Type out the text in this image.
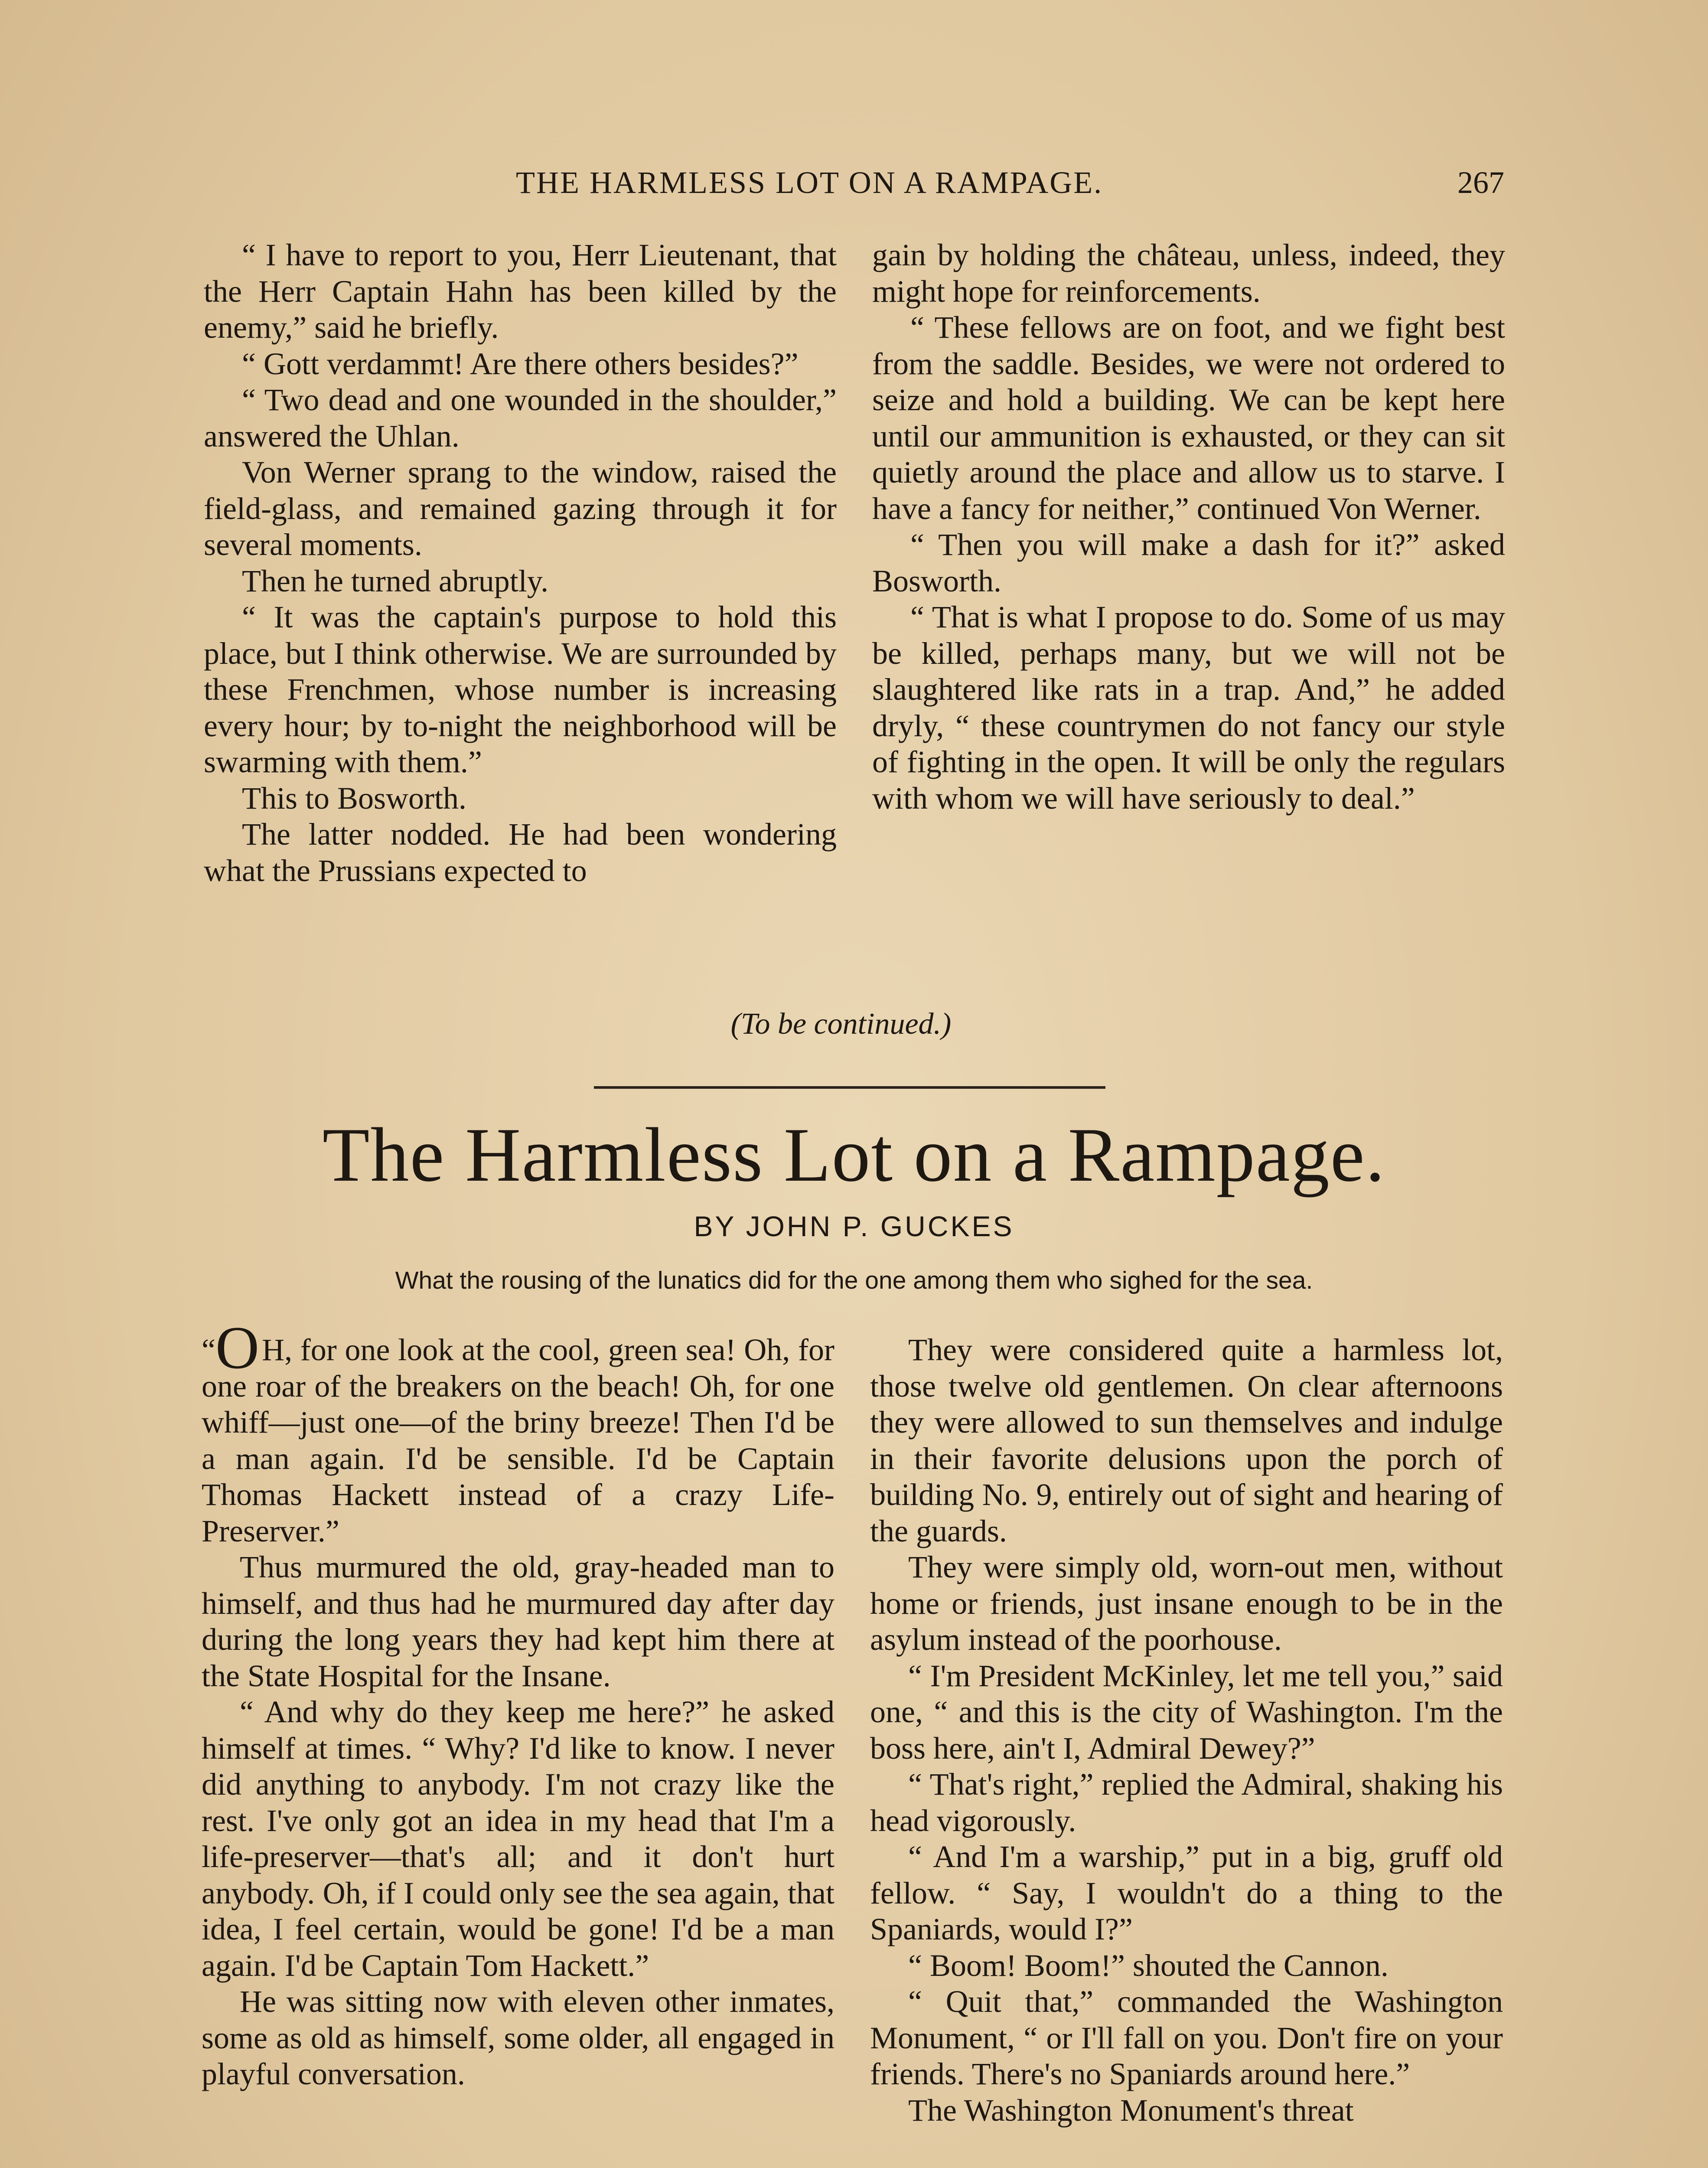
THE HARMLESS LOT ON A RAMPAGE.	267

“ I have to report to you, Herr Lieutenant, that the Herr Captain Hahn has been killed by the enemy,” said he briefly.

“ Gott verdammt! Are there others besides?”

“ Two dead and one wounded in the shoulder,” answered the Uhlan.

Von Werner sprang to the window, raised the field-glass, and remained gazing through it for several moments.

Then he turned abruptly.

“ It was the captain's purpose to hold this place, but I think otherwise. We are surrounded by these Frenchmen, whose number is increasing every hour; by to-night the neighborhood will be swarming with them.”

This to Bosworth.

The latter nodded. He had been wondering what the Prussians expected to

gain by holding the château, unless, indeed, they might hope for reinforcements.

“ These fellows are on foot, and we fight best from the saddle. Besides, we were not ordered to seize and hold a building. We can be kept here until our ammunition is exhausted, or they can sit quietly around the place and allow us to starve. I have a fancy for neither,” continued Von Werner.

“ Then you will make a dash for it?” asked Bosworth.

“ That is what I propose to do. Some of us may be killed, perhaps many, but we will not be slaughtered like rats in a trap. And,” he added dryly, “ these countrymen do not fancy our style of fighting in the open. It will be only the regulars with whom we will have seriously to deal.”

(To be continued.)
The Harmless Lot on a Rampage.
BY JOHN P. GUCKES
What the rousing of the lunatics did for the one among them who sighed for the sea.

“OH, for one look at the cool, green sea! Oh, for one roar of the breakers on the beach! Oh, for one whiff—just one—of the briny breeze! Then I'd be a man again. I'd be sensible. I'd be Captain Thomas Hackett instead of a crazy Life-Preserver.”

Thus murmured the old, gray-headed man to himself, and thus had he murmured day after day during the long years they had kept him there at the State Hospital for the Insane.

“ And why do they keep me here?” he asked himself at times. “ Why? I'd like to know. I never did anything to anybody. I'm not crazy like the rest. I've only got an idea in my head that I'm a life-preserver—that's all; and it don't hurt anybody. Oh, if I could only see the sea again, that idea, I feel certain, would be gone! I'd be a man again. I'd be Captain Tom Hackett.”

He was sitting now with eleven other inmates, some as old as himself, some older, all engaged in playful conversation.

They were considered quite a harmless lot, those twelve old gentlemen. On clear afternoons they were allowed to sun themselves and indulge in their favorite delusions upon the porch of building No. 9, entirely out of sight and hearing of the guards.

They were simply old, worn-out men, without home or friends, just insane enough to be in the asylum instead of the poorhouse.

“ I'm President McKinley, let me tell you,” said one, “ and this is the city of Washington. I'm the boss here, ain't I, Admiral Dewey?”

“ That's right,” replied the Admiral, shaking his head vigorously.

“ And I'm a warship,” put in a big, gruff old fellow. “ Say, I wouldn't do a thing to the Spaniards, would I?”

“ Boom! Boom!” shouted the Cannon.

“ Quit that,” commanded the Washington Monument, “ or I'll fall on you. Don't fire on your friends. There's no Spaniards around here.”

The Washington Monument's threat
